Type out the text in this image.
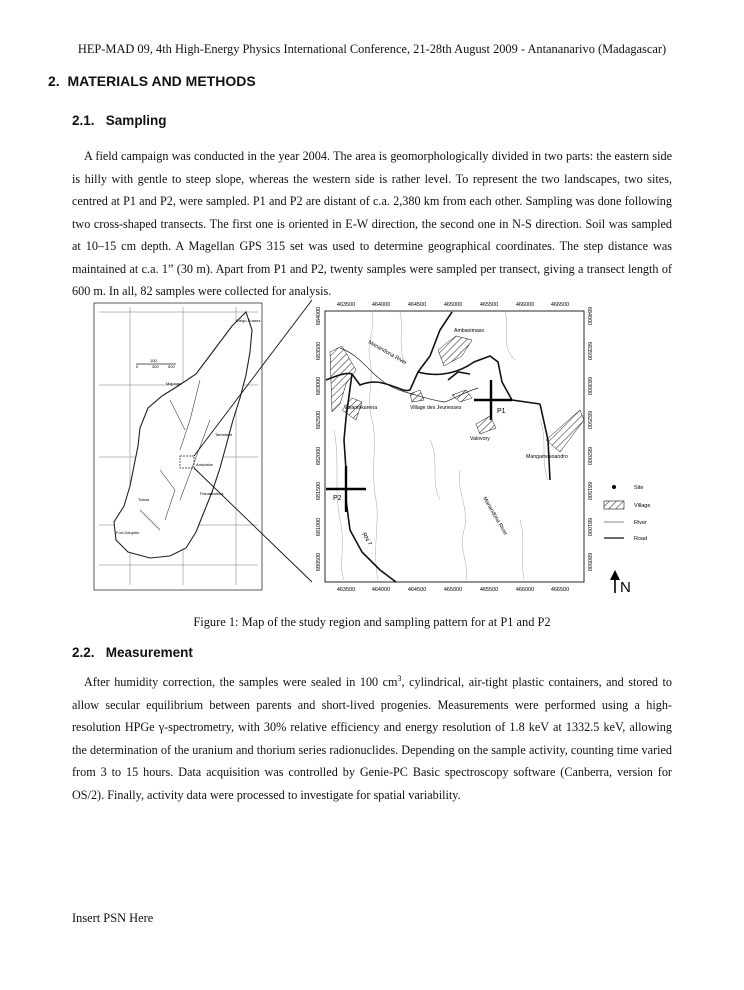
HEP-MAD 09, 4th High-Energy Physics International Conference, 21-28th August 2009 - Antananarivo (Madagascar)
2. MATERIALS AND METHODS
2.1. Sampling

A field campaign was conducted in the year 2004. The area is geomorphologically divided in two parts: the eastern side is hilly with gentle to steep slope, whereas the western side is rather level. To represent the two landscapes, two sites, centred at P1 and P2, were sampled. P1 and P2 are distant of c.a. 2,380 km from each other. Sampling was done following two cross-shaped transects. The first one is oriented in E-W direction, the second one in N-S direction. Soil was sampled at 10–15 cm depth. A Magellan GPS 315 set was used to determine geographical coordinates. The step distance was maintained at c.a. 1” (30 m). Apart from P1 and P2, twenty samples were sampled per transect, giving a transect length of 600 m. In all, 82 samples were collected for analysis.

0
100
300 500
Diego-Suarez
Majunga
Tamatave
Antsirabe
Fianarantsoa
Tulear
Fort-Dauphin
463500	464000	464500	465000	465500	466000	466500
463500	464000	464500	465000	465500	466000	466500
684000
683500
683000
682500
682000
681500
681000
680500
684000
683500
683000
682500
682000
681500
681000
680500
P1
P2
Ambanimaso
Vinaninkarena	Village des Jeunesses
Valovory
Mangamasoandro
Manandona River
Manandona River
RN 7
Site
Village
River
Road
N
Figure 1: Map of the study region and sampling pattern for at P1 and P2
2.2. Measurement

After humidity correction, the samples were sealed in 100 $cm^3$, cylindrical, air-tight plastic containers, and stored to allow secular equilibrium between parents and short-lived progenies. Measurements were performed using a high-resolution HPGe γ-spectrometry, with 30% relative efficiency and energy resolution of 1.8 keV at 1332.5 keV, allowing the determination of the uranium and thorium series radionuclides. Depending on the sample activity, counting time varied from 3 to 15 hours. Data acquisition was controlled by Genie-PC Basic spectroscopy software (Canberra, version for OS/2). Finally, activity data were processed to investigate for spatial variability.

Insert PSN Here
